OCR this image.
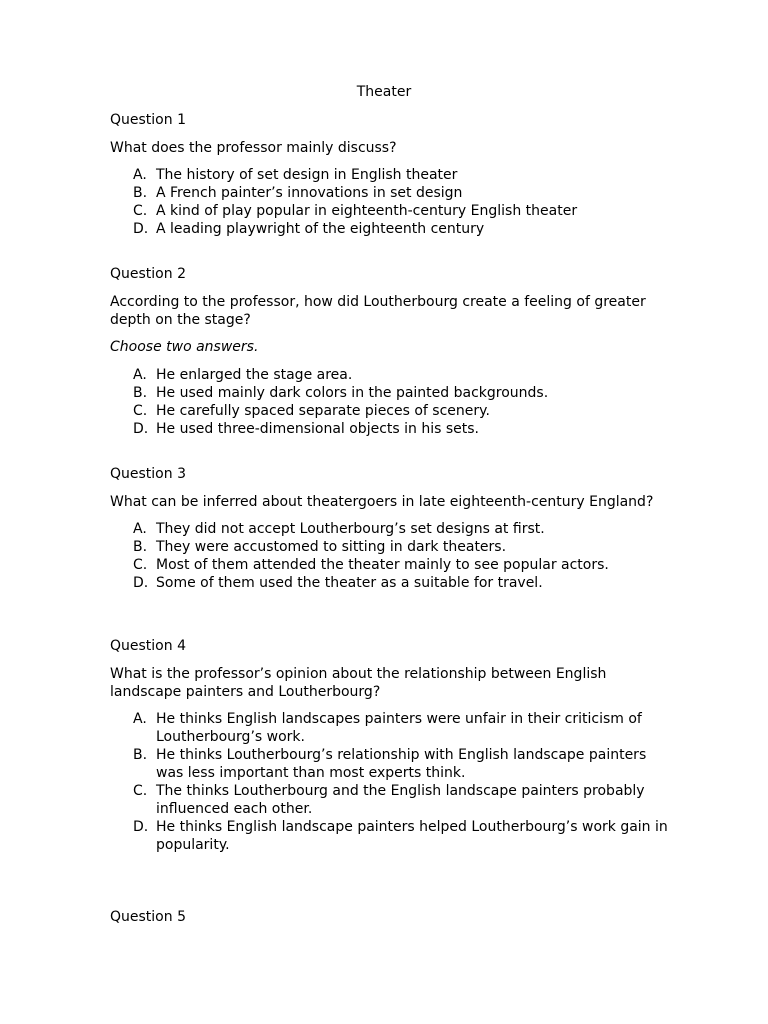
Theater

Question 1

What does the professor mainly discuss?

A. The history of set design in English theater
B. A French painter’s innovations in set design
C. A kind of play popular in eighteenth-century English theater
D. A leading playwright of the eighteenth century

Question 2

According to the professor, how did Loutherbourg create a feeling of greater depth on the stage?

Choose two answers.

A. He enlarged the stage area.
B. He used mainly dark colors in the painted backgrounds.
C. He carefully spaced separate pieces of scenery.
D. He used three-dimensional objects in his sets.

Question 3

What can be inferred about theatergoers in late eighteenth-century England?

A. They did not accept Loutherbourg’s set designs at first.
B. They were accustomed to sitting in dark theaters.
C. Most of them attended the theater mainly to see popular actors.
D. Some of them used the theater as a suitable for travel.

Question 4

What is the professor’s opinion about the relationship between English landscape painters and Loutherbourg?

A. He thinks English landscapes painters were unfair in their criticism of Loutherbourg’s work.
B. He thinks Loutherbourg’s relationship with English landscape painters was less important than most experts think.
C. The thinks Loutherbourg and the English landscape painters probably influenced each other.
D. He thinks English landscape painters helped Loutherbourg’s work gain in popularity.

Question 5
